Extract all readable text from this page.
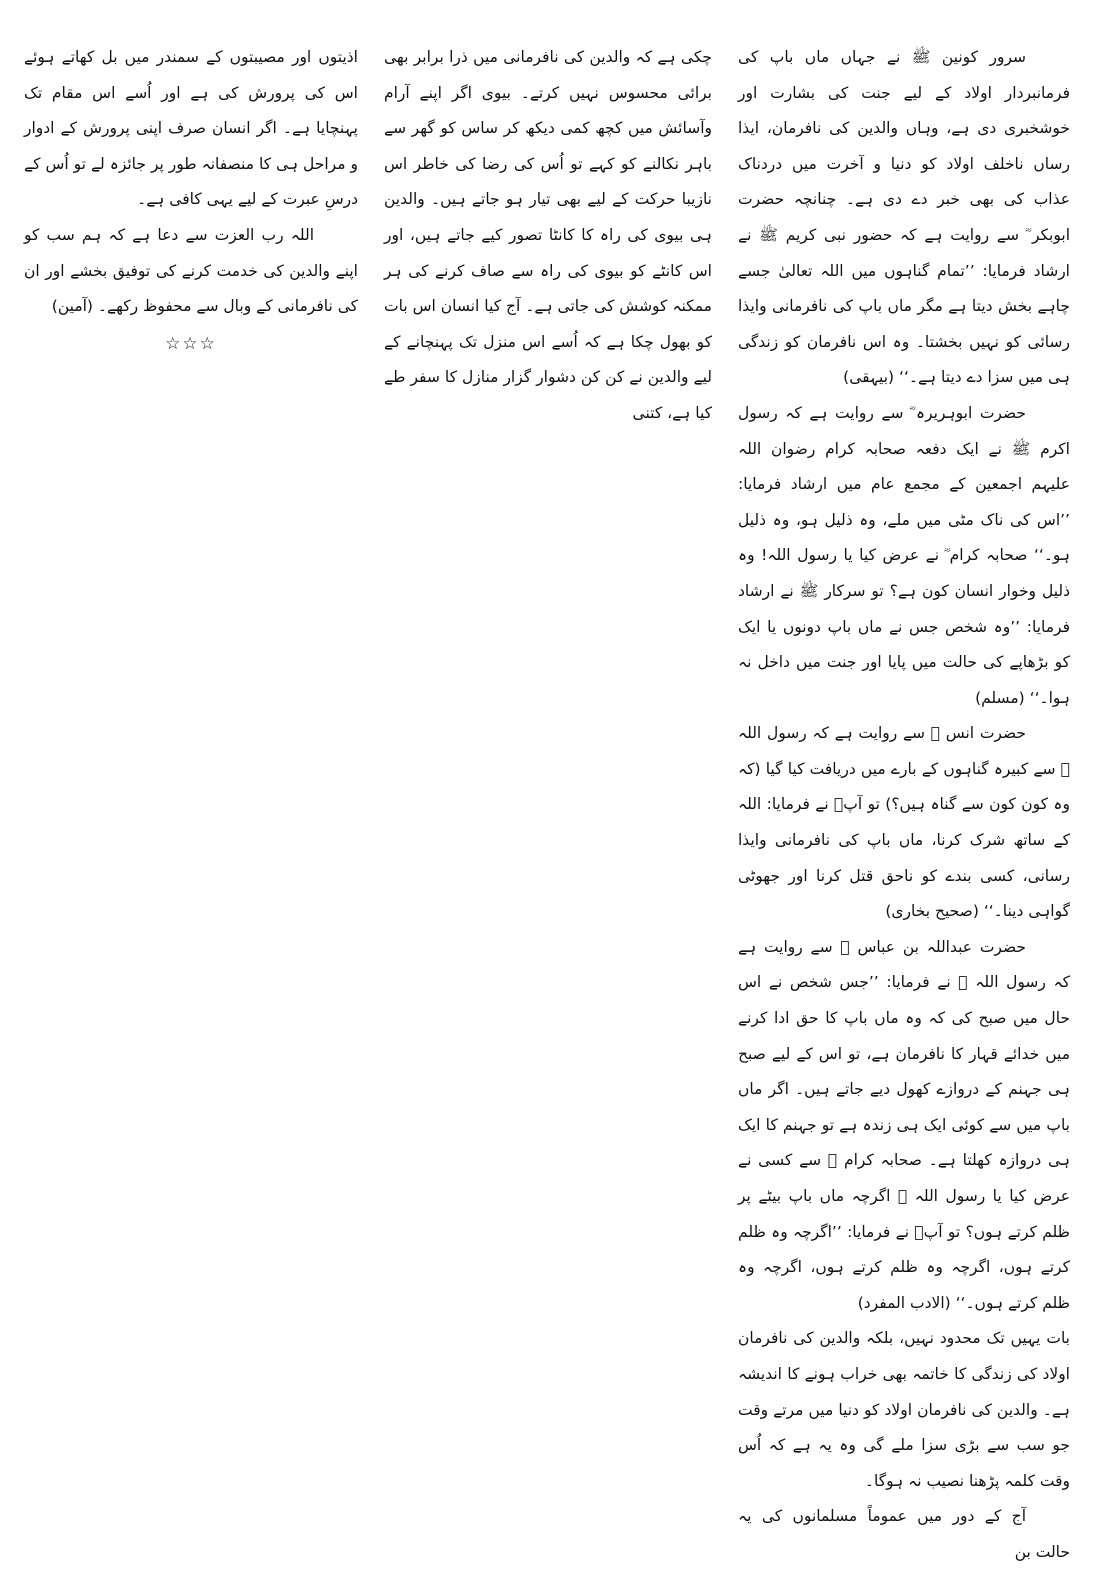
سرور کونین ﷺ نے جہاں ماں باپ کی فرمانبردار اولاد کے لیے جنت کی بشارت اور خوشخبری دی ہے، وہاں والدین کی نافرمان، ایذا رساں ناخلف اولاد کو دنیا و آخرت میں دردناک عذاب کی بھی خبر دے دی ہے۔ چنانچہ حضرت ابوبکر ؓ سے روایت ہے کہ حضور نبی کریم ﷺ نے ارشاد فرمایا: ’’تمام گناہوں میں اللہ تعالیٰ جسے چاہے بخش دیتا ہے مگر ماں باپ کی نافرمانی وایذا رسائی کو نہیں بخشتا۔ وہ اس نافرمان کو زندگی ہی میں سزا دے دیتا ہے۔‘‘ (بیہقی)

حضرت ابوہریرہ ؓ سے روایت ہے کہ رسول اکرم ﷺ نے ایک دفعہ صحابہ کرام رضوان اللہ علیہم اجمعین کے مجمع عام میں ارشاد فرمایا: ’’اس کی ناک مٹی میں ملے، وہ ذلیل ہو، وہ ذلیل ہو۔‘‘ صحابہ کرام ؓ نے عرض کیا یا رسول اللہ! وہ ذلیل وخوار انسان کون ہے؟ تو سرکار ﷺ نے ارشاد فرمایا: ’’وہ شخص جس نے ماں باپ دونوں یا ایک کو بڑھاپے کی حالت میں پایا اور جنت میں داخل نہ ہوا۔‘‘ (مسلم)

حضرت انس ؓ سے روایت ہے کہ رسول اللہ ﷺ سے کبیرہ گناہوں کے بارے میں دریافت کیا گیا (کہ وہ کون کون سے گناہ ہیں؟) تو آپؐ نے فرمایا: اللہ کے ساتھ شرک کرنا، ماں باپ کی نافرمانی وایذا رسانی، کسی بندے کو ناحق قتل کرنا اور جھوٹی گواہی دینا۔‘‘ (صحیح بخاری)

حضرت عبداللہ بن عباس ؓ سے روایت ہے کہ رسول اللہ ﷺ نے فرمایا: ’’جس شخص نے اس حال میں صبح کی کہ وہ ماں باپ کا حق ادا کرنے میں خدائے قہار کا نافرمان ہے، تو اس کے لیے صبح ہی جہنم کے دروازے کھول دیے جاتے ہیں۔ اگر ماں باپ میں سے کوئی ایک ہی زندہ ہے تو جہنم کا ایک ہی دروازہ کھلتا ہے۔ صحابہ کرام ؓ سے کسی نے عرض کیا یا رسول اللہ ﷺ اگرچہ ماں باپ بیٹے پر ظلم کرتے ہوں؟ تو آپؐ نے فرمایا: ’’اگرچہ وہ ظلم کرتے ہوں، اگرچہ وہ ظلم کرتے ہوں، اگرچہ وہ ظلم کرتے ہوں۔‘‘ (الادب المفرد)

بات یہیں تک محدود نہیں، بلکہ والدین کی نافرمان اولاد کی زندگی کا خاتمہ بھی خراب ہونے کا اندیشہ ہے۔ والدین کی نافرمان اولاد کو دنیا میں مرتے وقت جو سب سے بڑی سزا ملے گی وہ یہ ہے کہ اُس وقت کلمہ پڑھنا نصیب نہ ہوگا۔

آج کے دور میں عموماً مسلمانوں کی یہ حالت بن

چکی ہے کہ والدین کی نافرمانی میں ذرا برابر بھی برائی محسوس نہیں کرتے۔ بیوی اگر اپنے آرام وآسائش میں کچھ کمی دیکھ کر ساس کو گھر سے باہر نکالنے کو کہے تو اُس کی رضا کی خاطر اس نازیبا حرکت کے لیے بھی تیار ہو جاتے ہیں۔ والدین ہی بیوی کی راہ کا کانٹا تصور کیے جاتے ہیں، اور اس کانٹے کو بیوی کی راہ سے صاف کرنے کی ہر ممکنہ کوشش کی جاتی ہے۔ آج کیا انسان اس بات کو بھول چکا ہے کہ اُسے اس منزل تک پہنچانے کے لیے والدین نے کن کن دشوار گزار منازل کا سفر طے کیا ہے، کتنی

اذیتوں اور مصیبتوں کے سمندر میں بل کھاتے ہوئے اس کی پرورش کی ہے اور اُسے اس مقام تک پہنچایا ہے۔ اگر انسان صرف اپنی پرورش کے ادوار و مراحل ہی کا منصفانہ طور پر جائزہ لے تو اُس کے درسِ عبرت کے لیے یہی کافی ہے۔

اللہ رب العزت سے دعا ہے کہ ہم سب کو اپنے والدین کی خدمت کرنے کی توفیق بخشے اور ان کی نافرمانی کے وبال سے محفوظ رکھے۔ (آمین)

☆☆☆
